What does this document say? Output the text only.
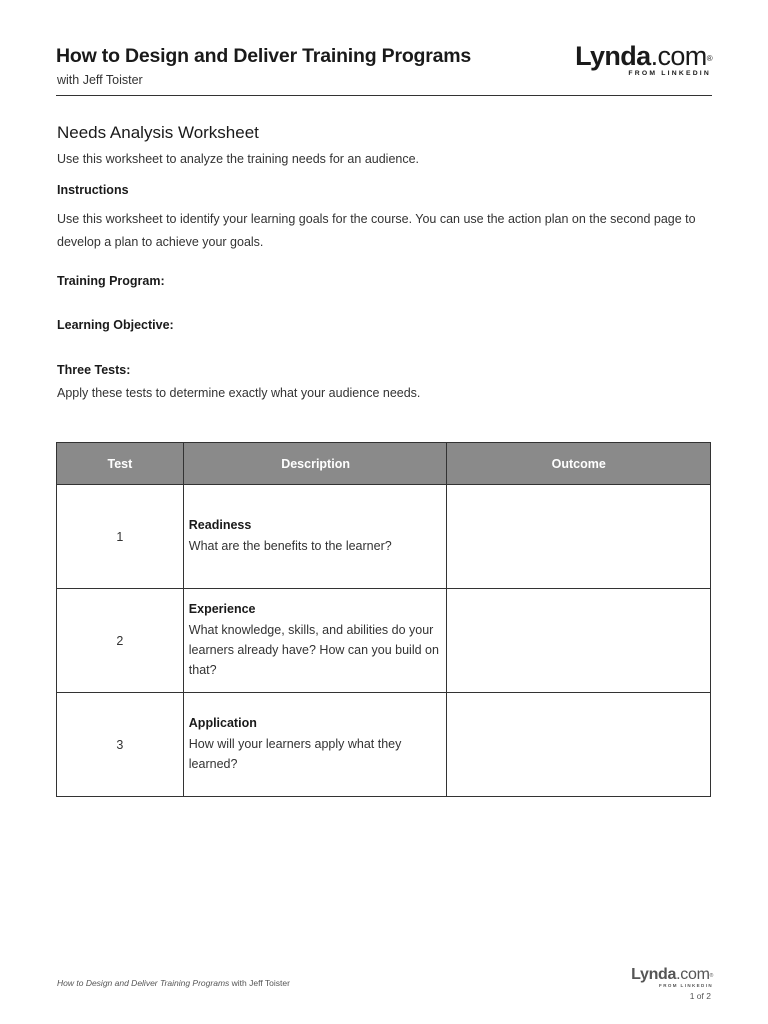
How to Design and Deliver Training Programs
with Jeff Toister
Lynda.com®
FROM LINKEDIN
Needs Analysis Worksheet
Use this worksheet to analyze the training needs for an audience.
Instructions
Use this worksheet to identify your learning goals for the course. You can use the action plan on the second page to develop a plan to achieve your goals.
Training Program:
Learning Objective:
Three Tests:
Apply these tests to determine exactly what your audience needs.
Test	Description	Outcome
1	Readiness
What are the benefits to the learner?	

2	Experience
What knowledge, skills, and abilities do your learners already have? How can you build on that?	

3	Application
How will your learners apply what they learned?	

How to Design and Deliver Training Programs with Jeff Toister	Lynda.com®
FROM LINKEDIN
1 of 2
